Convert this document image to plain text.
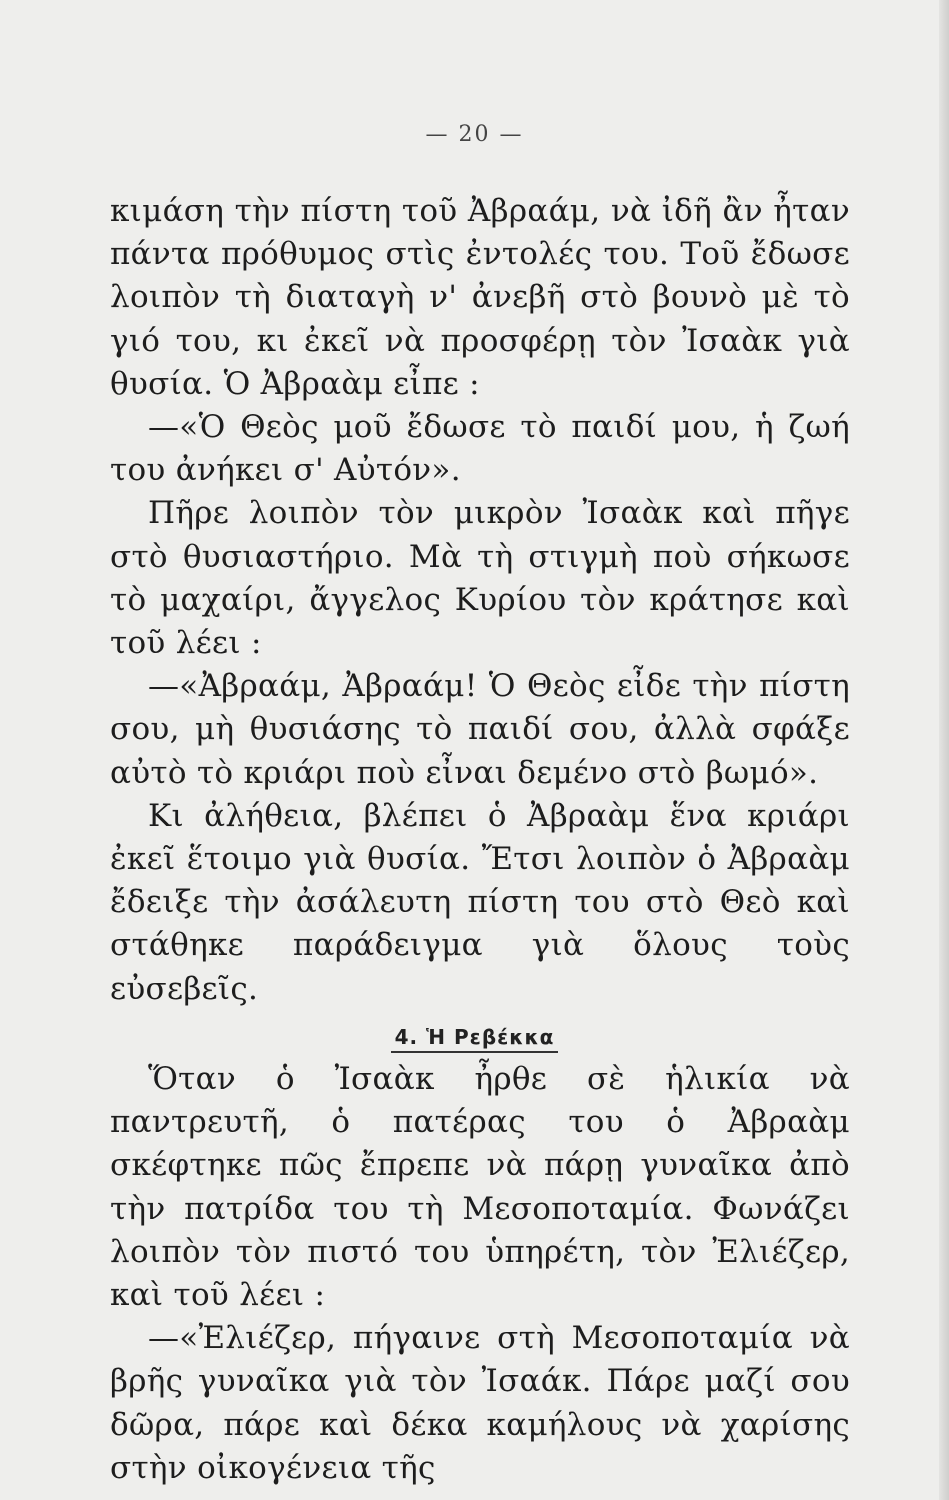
— 20 —

κιμάση τὴν πίστη τοῦ Ἀβραάμ, νὰ ἰδῆ ἂν ἦταν πάντα πρόθυμος στὶς ἐντολές του. Τοῦ ἔδωσε λοιπὸν τὴ διαταγὴ ν' ἀνεβῆ στὸ βουνὸ μὲ τὸ γιό του, κι ἐκεῖ νὰ προσφέρῃ τὸν Ἰσαὰκ γιὰ θυσία. Ὁ Ἀβραὰμ εἶπε :

—«Ὁ Θεὸς μοῦ ἔδωσε τὸ παιδί μου, ἡ ζωή του ἀνήκει σ' Αὐτόν».

Πῆρε λοιπὸν τὸν μικρὸν Ἰσαὰκ καὶ πῆγε στὸ θυσιαστήριο. Μὰ τὴ στιγμὴ ποὺ σήκωσε τὸ μαχαίρι, ἄγγελος Κυρίου τὸν κράτησε καὶ τοῦ λέει :

—«Ἀβραάμ, Ἀβραάμ! Ὁ Θεὸς εἶδε τὴν πίστη σου, μὴ θυσιάσης τὸ παιδί σου, ἀλλὰ σφάξε αὐτὸ τὸ κριάρι ποὺ εἶναι δεμένο στὸ βωμό».

Κι ἀλήθεια, βλέπει ὁ Ἀβραὰμ ἕνα κριάρι ἐκεῖ ἕτοιμο γιὰ θυσία. Ἔτσι λοιπὸν ὁ Ἀβραὰμ ἔδειξε τὴν ἀσάλευτη πίστη του στὸ Θεὸ καὶ στάθηκε παράδειγμα γιὰ ὅλους τοὺς εὐσεβεῖς.

4. Ἡ Ρεβέκκα

Ὅταν ὁ Ἰσαὰκ ἦρθε σὲ ἡλικία νὰ παντρευτῆ, ὁ πατέρας του ὁ Ἀβραὰμ σκέφτηκε πῶς ἔπρεπε νὰ πάρῃ γυναῖκα ἀπὸ τὴν πατρίδα του τὴ Μεσοποταμία. Φωνάζει λοιπὸν τὸν πιστό του ὑπηρέτη, τὸν Ἐλιέζερ, καὶ τοῦ λέει :

—«Ἐλιέζερ, πήγαινε στὴ Μεσοποταμία νὰ βρῆς γυναῖκα γιὰ τὸν Ἰσαάκ. Πάρε μαζί σου δῶρα, πάρε καὶ δέκα καμήλους νὰ χαρίσης στὴν οἰκογένεια τῆς
